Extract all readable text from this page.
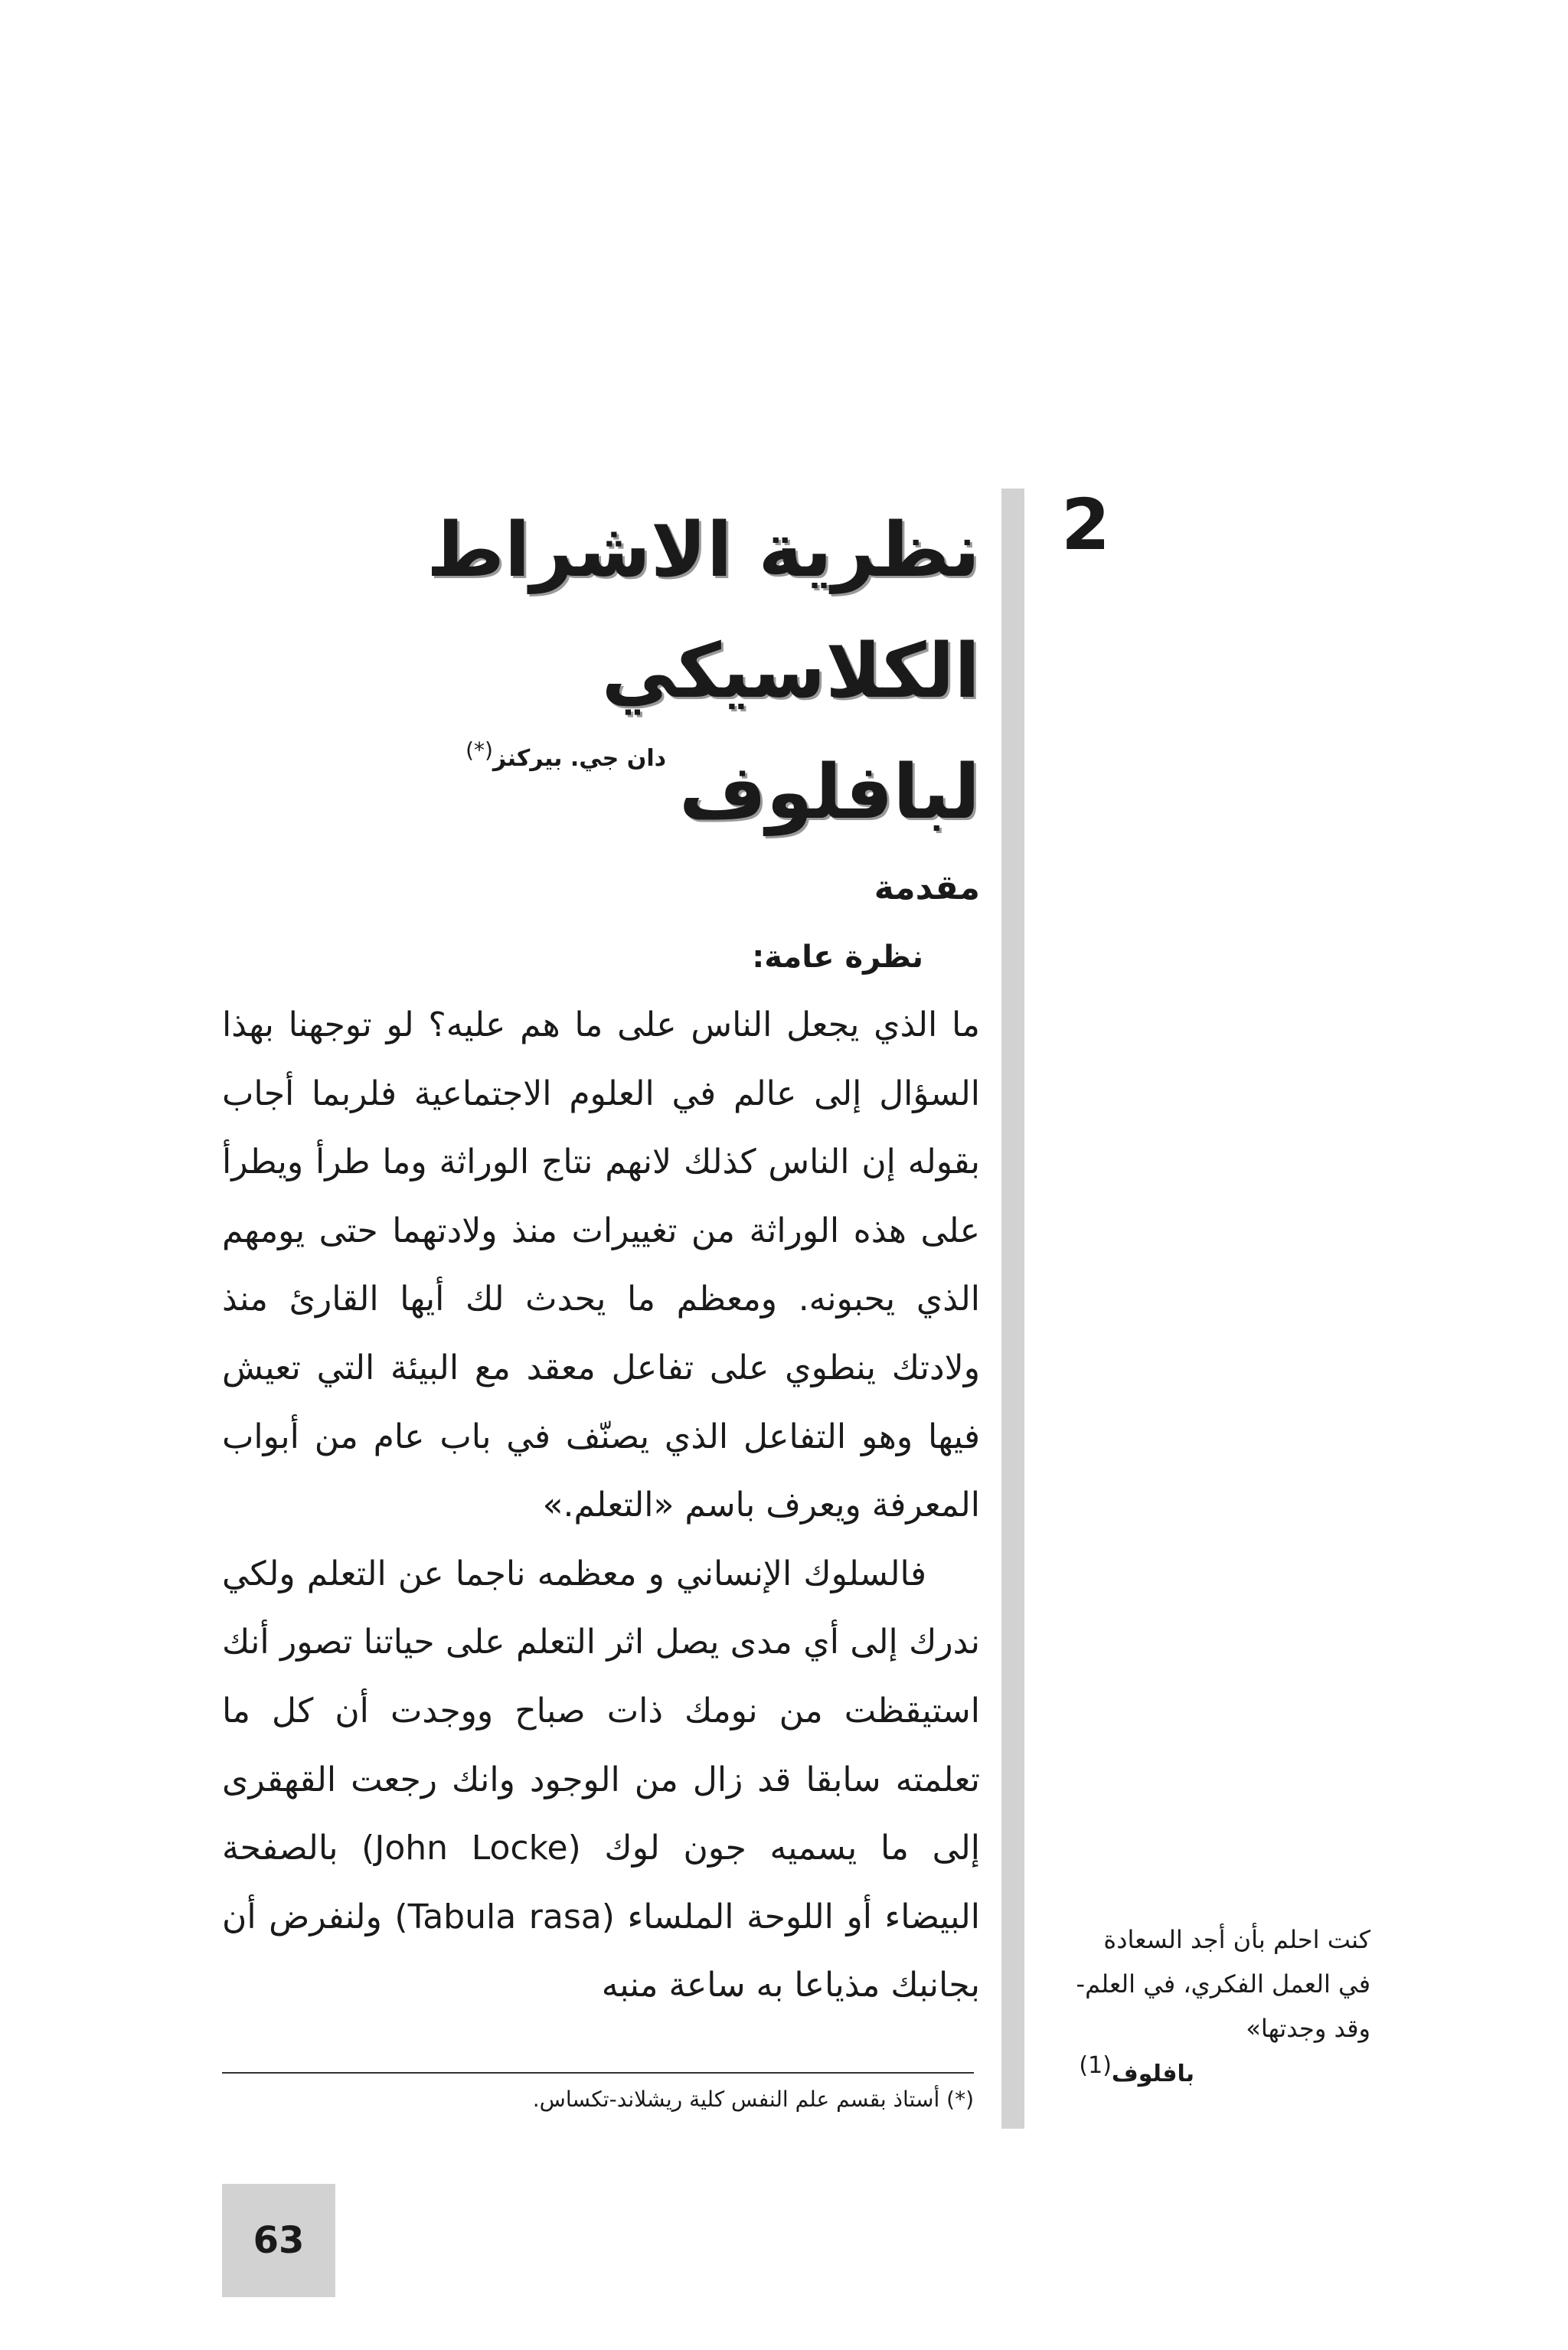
2
نظرية الاشراط الكلاسيكي
لبافلوف
دان جي. بيركنز(*)
مقدمة
نظرة عامة:

ما الذي يجعل الناس على ما هم عليه؟ لو توجهنا بهذا السؤال إلى عالم في العلوم الاجتماعية فلربما أجاب بقوله إن الناس كذلك لانهم نتاج الوراثة وما طرأ ويطرأ على هذه الوراثة من تغييرات منذ ولادتهما حتى يومهم الذي يحبونه. ومعظم ما يحدث لك أيها القارئ منذ ولادتك ينطوي على تفاعل معقد مع البيئة التي تعيش فيها وهو التفاعل الذي يصنّف في باب عام من أبواب المعرفة ويعرف باسم «التعلم.»

فالسلوك الإنساني و معظمه ناجما عن التعلم ولكي ندرك إلى أي مدى يصل اثر التعلم على حياتنا تصور أنك استيقظت من نومك ذات صباح ووجدت أن كل ما تعلمته سابقا قد زال من الوجود وانك رجعت القهقرى إلى ما يسميه جون لوك (John Locke) بالصفحة البيضاء أو اللوحة الملساء (Tabula rasa) ولنفرض أن بجانبك مذياعا به ساعة منبه

(*) أستاذ بقسم علم النفس كلية ريشلاند-تكساس.
كنت احلم بأن أجد السعادة
في العمل الفكري، في العلم-
وقد وجدتها»
بافلوف$^{(1)}$
63
